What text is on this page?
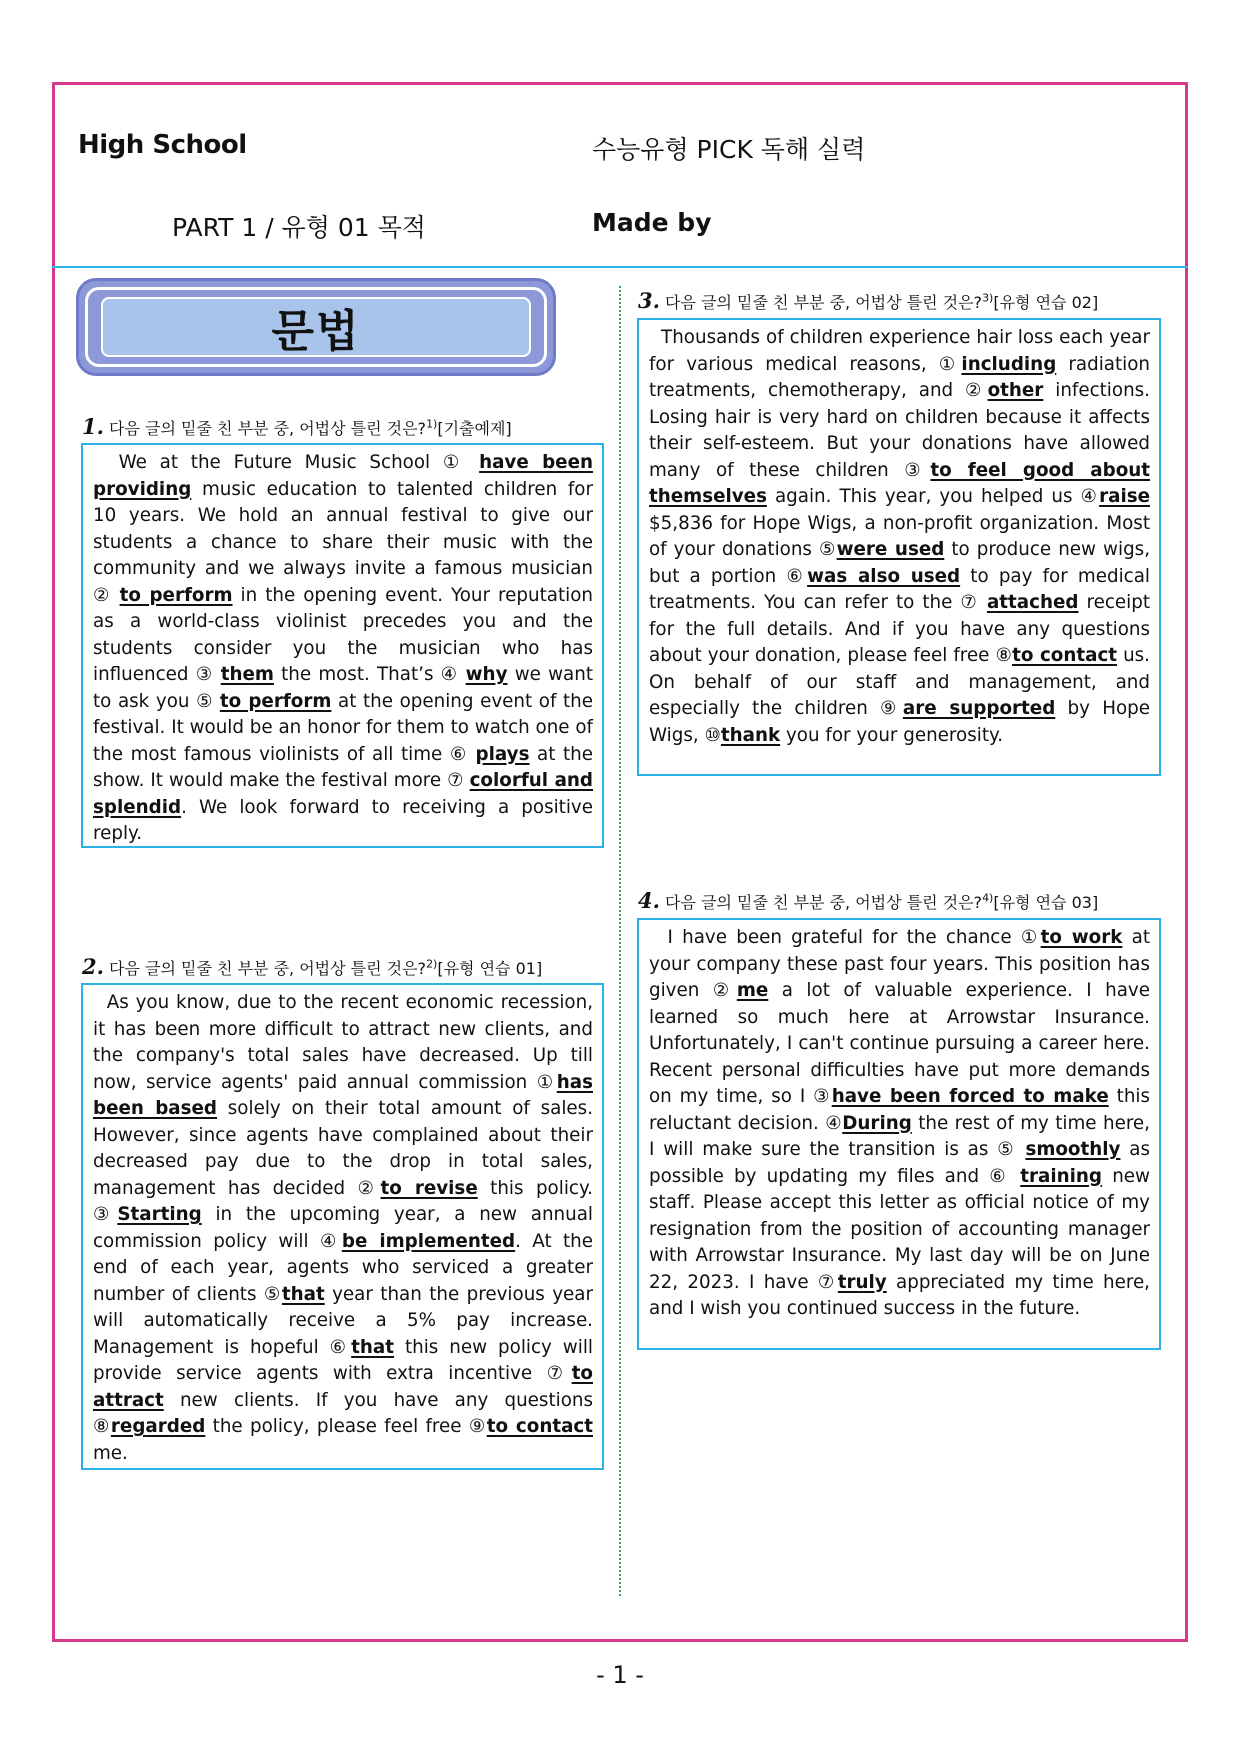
High School	수능유형 PICK 독해 실력
PART 1 / 유형 01 목적	Made by
문법
1. 다음 글의 밑줄 친 부분 중, 어법상 틀린 것은?$^{1)}$[기출예제]
We at the Future Music School ① have been providing music education to talented children for 10 years. We hold an annual festival to give our students a chance to share their music with the community and we always invite a famous musician ② to perform in the opening event. Your reputation as a world-class violinist precedes you and the students consider you the musician who has influenced ③ them the most. That’s ④ why we want to ask you ⑤ to perform at the opening event of the festival. It would be an honor for them to watch one of the most famous violinists of all time ⑥ plays at the show. It would make the festival more ⑦ colorful and splendid. We look forward to receiving a positive reply.
2. 다음 글의 밑줄 친 부분 중, 어법상 틀린 것은?$^{2)}$[유형 연습 01]
As you know, due to the recent economic recession, it has been more difficult to attract new clients, and the company's total sales have decreased. Up till now, service agents' paid annual commission ①has been based solely on their total amount of sales. However, since agents have complained about their decreased pay due to the drop in total sales, management has decided ②to revise this policy. ③Starting in the upcoming year, a new annual commission policy will ④be implemented. At the end of each year, agents who serviced a greater number of clients ⑤that year than the previous year will automatically receive a 5% pay increase. Management is hopeful ⑥that this new policy will provide service agents with extra incentive ⑦to attract new clients. If you have any questions ⑧regarded the policy, please feel free ⑨to contact me.
3. 다음 글의 밑줄 친 부분 중, 어법상 틀린 것은?$^{3)}$[유형 연습 02]
Thousands of children experience hair loss each year for various medical reasons, ①including radiation treatments, chemotherapy, and ②other infections. Losing hair is very hard on children because it affects their self-esteem. But your donations have allowed many of these children ③to feel good about themselves again. This year, you helped us ④raise $5,836 for Hope Wigs, a non-profit organization. Most of your donations ⑤were used to produce new wigs, but a portion ⑥was also used to pay for medical treatments. You can refer to the ⑦ attached receipt for the full details. And if you have any questions about your donation, please feel free ⑧to contact us. On behalf of our staff and management, and especially the children ⑨are supported by Hope Wigs, ⑩thank you for your generosity.
4. 다음 글의 밑줄 친 부분 중, 어법상 틀린 것은?$^{4)}$[유형 연습 03]
I have been grateful for the chance ①to work at your company these past four years. This position has given ②me a lot of valuable experience. I have learned so much here at Arrowstar Insurance. Unfortunately, I can't continue pursuing a career here. Recent personal difficulties have put more demands on my time, so I ③have been forced to make this reluctant decision. ④During the rest of my time here, I will make sure the transition is as ⑤ smoothly as possible by updating my files and ⑥ training new staff. Please accept this letter as official notice of my resignation from the position of accounting manager with Arrowstar Insurance. My last day will be on June 22, 2023. I have ⑦truly appreciated my time here, and I wish you continued success in the future.
- 1 -
